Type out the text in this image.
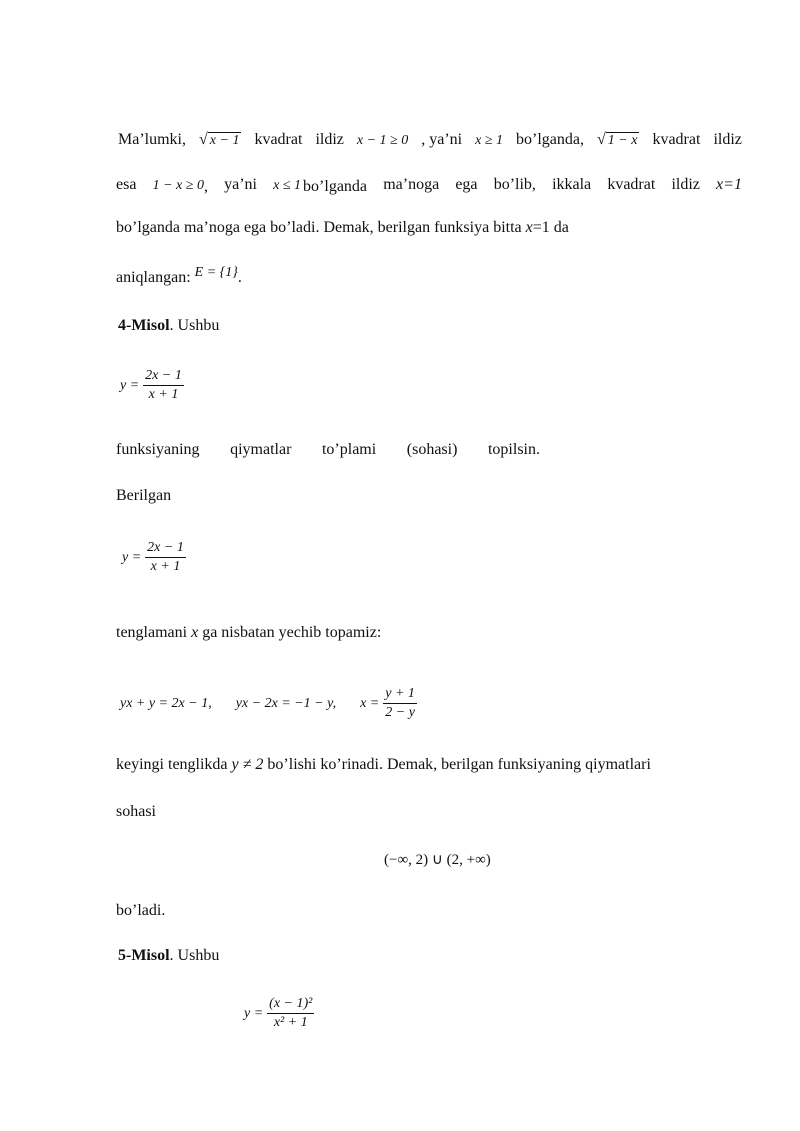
Ma’lumki, √ x − 1 kvadrat ildiz x − 1 ≥ 0 , ya’ni x ≥ 1 bo’lganda, √ 1 − x kvadrat ildiz
esa 1 − x ≥ 0 , ya’ni x ≤ 1 bo’lganda ma’noga ega bo’lib, ikkala kvadrat ildiz x=1
bo’lganda ma’noga ega bo’ladi. Demak, berilgan funksiya bitta x=1 da
aniqlangan: E = {1}.
4-Misol. Ushbu
$y = \frac{2x - 1}{x + 1}$
funksiyaning qiymatlar to’plami (sohasi) topilsin.
Berilgan
$y = \frac{2x - 1}{x + 1}$
tenglamani x ga nisbatan yechib topamiz:
yx + y = 2x − 1, yx − 2x = −1 − y, $x = \frac{y + 1}{2 - y}$
keyingi tenglikda y ≠ 2 bo’lishi ko’rinadi. Demak, berilgan funksiyaning qiymatlari
sohasi
(−∞, 2) ∪ (2, +∞)
bo’ladi.
5-Misol. Ushbu
$y = \frac{\text{(x − 1)²}}{\text{x² + 1}}$
